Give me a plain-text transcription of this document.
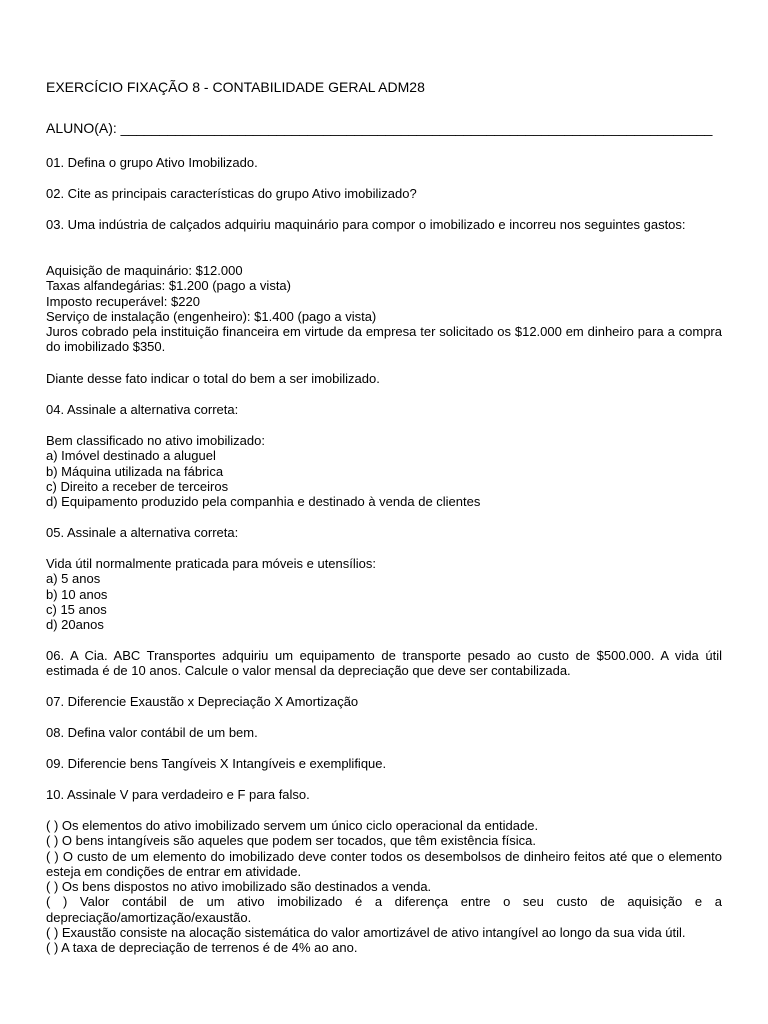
EXERCÍCIO FIXAÇÃO 8 - CONTABILIDADE GERAL ADM28
ALUNO(A): ____________________________________________________________________________
01. Defina o grupo Ativo Imobilizado.
02. Cite as principais características do grupo Ativo imobilizado?
03. Uma indústria de calçados adquiriu maquinário para compor o imobilizado e incorreu nos seguintes gastos:
Aquisição de maquinário: $12.000
Taxas alfandegárias: $1.200 (pago a vista)
Imposto recuperável: $220
Serviço de instalação (engenheiro): $1.400 (pago a vista)
Juros cobrado pela instituição financeira em virtude da empresa ter solicitado os $12.000 em dinheiro para a compra do imobilizado $350.
Diante desse fato indicar o total do bem a ser imobilizado.
04. Assinale a alternativa correta:
Bem classificado no ativo imobilizado:
a) Imóvel destinado a aluguel
b) Máquina utilizada na fábrica
c) Direito a receber de terceiros
d) Equipamento produzido pela companhia e destinado à venda de clientes
05. Assinale a alternativa correta:
Vida útil normalmente praticada para móveis e utensílios:
a) 5 anos
b) 10 anos
c) 15 anos
d) 20anos
06. A Cia. ABC Transportes adquiriu um equipamento de transporte pesado ao custo de $500.000. A vida útil estimada é de 10 anos. Calcule o valor mensal da depreciação que deve ser contabilizada.
07. Diferencie Exaustão x Depreciação X Amortização
08. Defina valor contábil de um bem.
09. Diferencie bens Tangíveis X Intangíveis e exemplifique.
10. Assinale V para verdadeiro e F para falso.
( ) Os elementos do ativo imobilizado servem um único ciclo operacional da entidade.
( ) O bens intangíveis são aqueles que podem ser tocados, que têm existência física.
( ) O custo de um elemento do imobilizado deve conter todos os desembolsos de dinheiro feitos até que o elemento esteja em condições de entrar em atividade.
( ) Os bens dispostos no ativo imobilizado são destinados a venda.
( ) Valor contábil de um ativo imobilizado é a diferença entre o seu custo de aquisição e a depreciação/amortização/exaustão.
( ) Exaustão consiste na alocação sistemática do valor amortizável de ativo intangível ao longo da sua vida útil.
( ) A taxa de depreciação de terrenos é de 4% ao ano.
